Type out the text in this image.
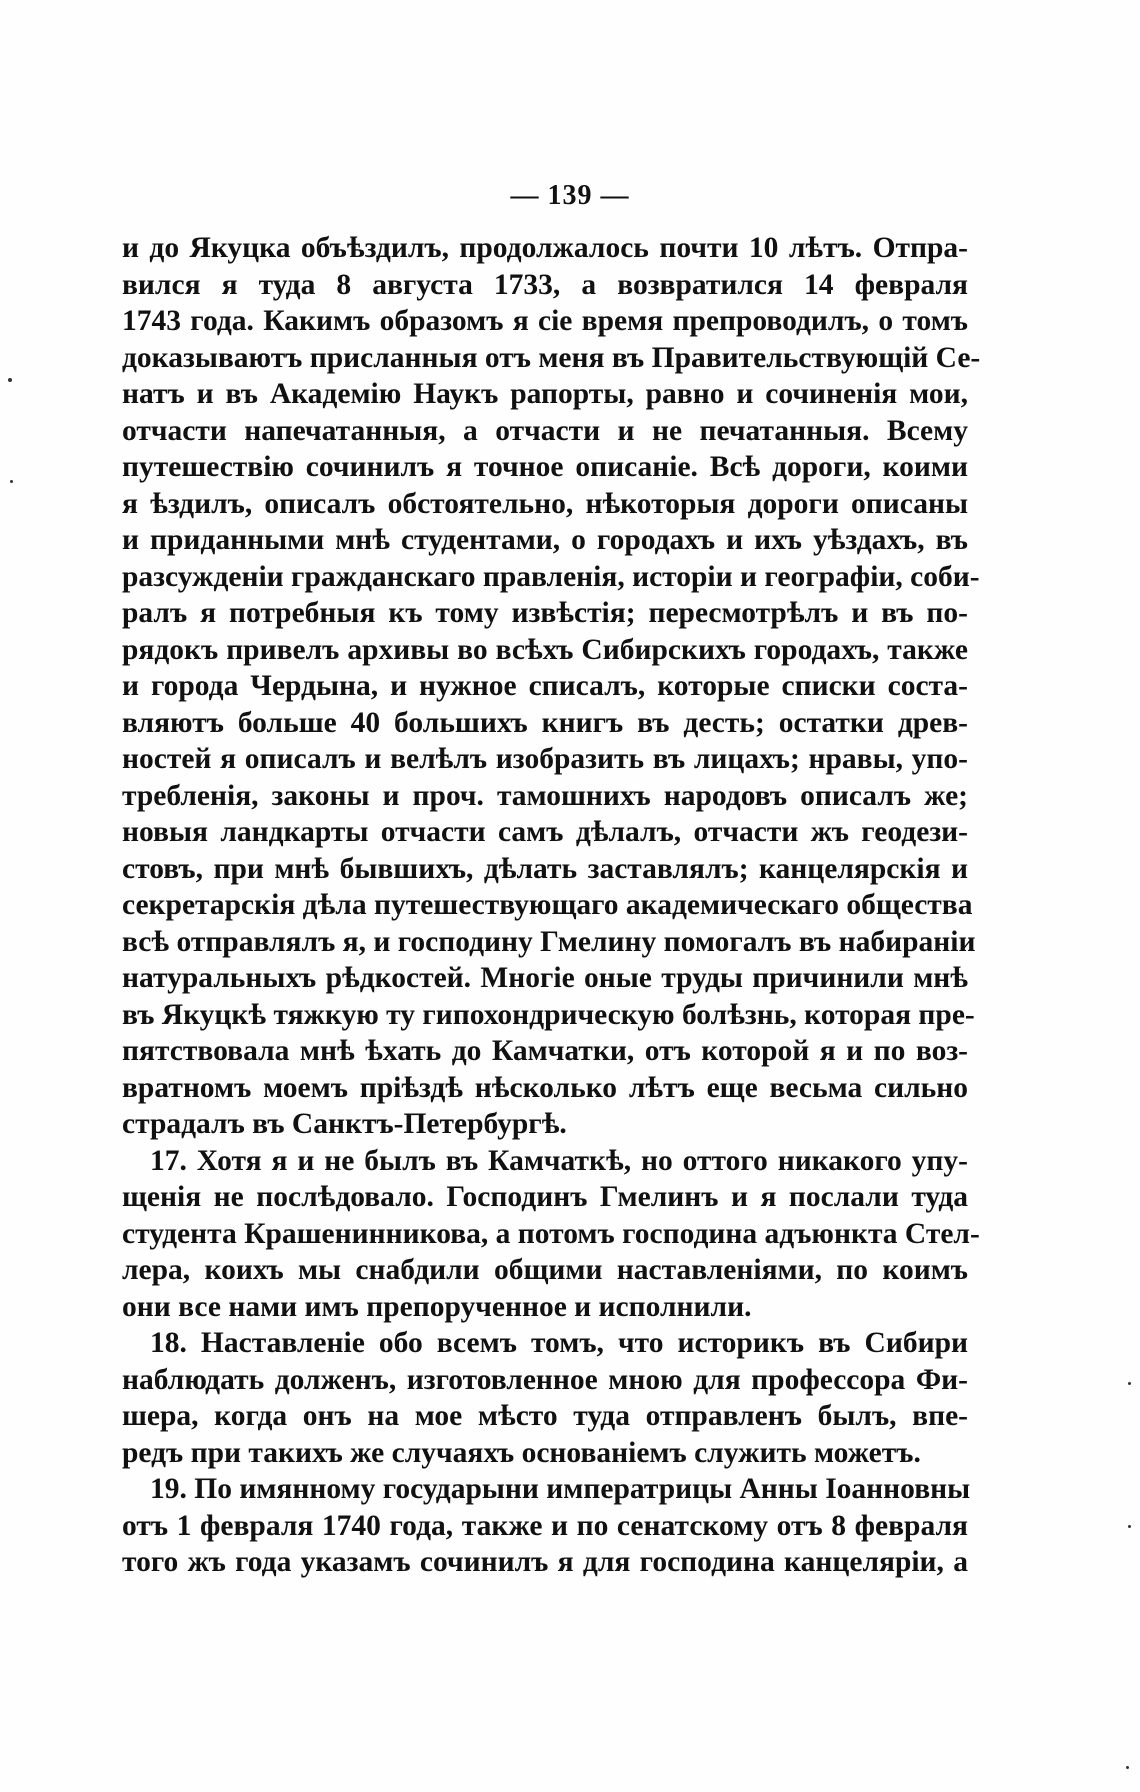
— 139 —
и до Якуцка объѣздилъ, продолжалось почти 10 лѣтъ. Отпра-
вился я туда 8 августа 1733, а возвратился 14 февраля
1743 года. Какимъ образомъ я сіе время препроводилъ, о томъ
доказываютъ присланныя отъ меня въ Правительствующій Се-
натъ и въ Академію Наукъ рапорты, равно и сочиненія мои,
отчасти напечатанныя, а отчасти и не печатанныя. Всему
путешествію сочинилъ я точное описаніе. Всѣ дороги, коими
я ѣздилъ, описалъ обстоятельно, нѣкоторыя дороги описаны
и приданными мнѣ студентами, о городахъ и ихъ уѣздахъ, въ
разсужденіи гражданскаго правленія, исторіи и географіи, соби-
ралъ я потребныя къ тому извѣстія; пересмотрѣлъ и въ по-
рядокъ привелъ архивы во всѣхъ Сибирскихъ городахъ, также
и города Чердына, и нужное списалъ, которые списки соста-
вляютъ больше 40 большихъ книгъ въ десть; остатки древ-
ностей я описалъ и велѣлъ изобразить въ лицахъ; нравы, упо-
требленія, законы и проч. тамошнихъ народовъ описалъ же;
новыя ландкарты отчасти самъ дѣлалъ, отчасти жъ геодези-
стовъ, при мнѣ бывшихъ, дѣлать заставлялъ; канцелярскія и
секретарскія дѣла путешествующаго академическаго общества
всѣ отправлялъ я, и господину Гмелину помогалъ въ набираніи
натуральныхъ рѣдкостей. Многіе оные труды причинили мнѣ
въ Якуцкѣ тяжкую ту гипохондрическую болѣзнь, которая пре-
пятствовала мнѣ ѣхать до Камчатки, отъ которой я и по воз-
вратномъ моемъ пріѣздѣ нѣсколько лѣтъ еще весьма сильно
страдалъ въ Санктъ-Петербургѣ.
17. Хотя я и не былъ въ Камчаткѣ, но оттого никакого упу-
щенія не послѣдовало. Господинъ Гмелинъ и я послали туда
студента Крашенинникова, а потомъ господина адъюнкта Стел-
лера, коихъ мы снабдили общими наставленіями, по коимъ
они все нами имъ препорученное и исполнили.
18. Наставленіе обо всемъ томъ, что историкъ въ Сибири
наблюдать долженъ, изготовленное мною для профессора Фи-
шера, когда онъ на мое мѣсто туда отправленъ былъ, впе-
редъ при такихъ же случаяхъ основаніемъ служить можетъ.
19. По имянному государыни императрицы Анны Іоанновны
отъ 1 февраля 1740 года, также и по сенатскому отъ 8 февраля
того жъ года указамъ сочинилъ я для господина канцеляріи, а
